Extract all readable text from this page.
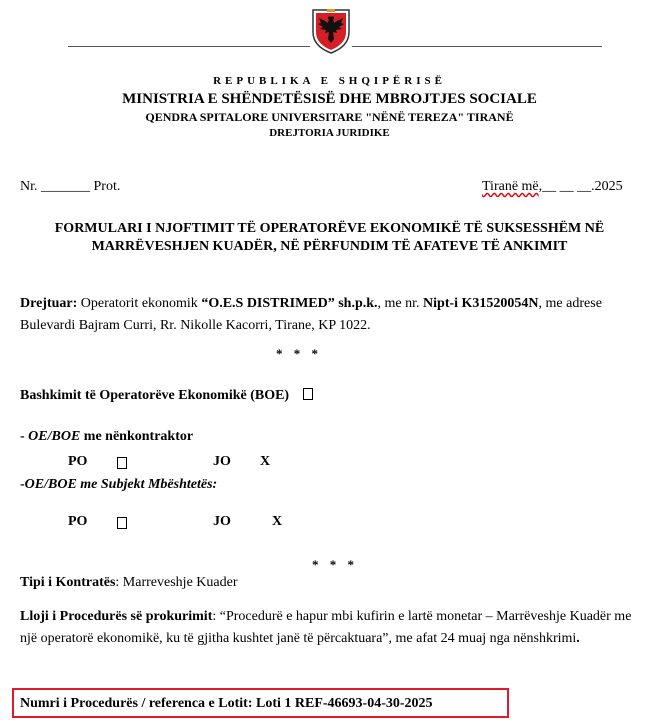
REPUBLIKA E SHQIPËRISË
MINISTRIA E SHËNDETËSISË DHE MBROJTJES SOCIALE
QENDRA SPITALORE UNIVERSITARE "NËNË TEREZA" TIRANË
DREJTORIA JURIDIKE
Nr. _______ Prot.	Tiranë më,__ __ __.2025
FORMULARI I NJOFTIMIT TË OPERATORËVE EKONOMIKË TË SUKSESSHËM NË
MARRËVESHJEN KUADËR, NË PËRFUNDIM TË AFATEVE TË ANKIMIT
Drejtuar: Operatorit ekonomik “O.E.S DISTRIMED” sh.p.k., me nr. Nipt-i K31520054N, me adrese Bulevardi Bajram Curri, Rr. Nikolle Kacorri, Tirane, KP 1022.
* * *
Bashkimit të Operatorëve Ekonomikë (BOE)
- OE/BOE me nënkontraktor
PO	JO X
-OE/BOE me Subjekt Mbështetës:
PO	JO	X
* * *
Tipi i Kontratës: Marreveshje Kuader
Lloji i Procedurës së prokurimit: “Procedurë e hapur mbi kufirin e lartë monetar – Marrëveshje Kuadër me një operatorë ekonomikë, ku të gjitha kushtet janë të përcaktuara”, me afat 24 muaj nga nënshkrimi.
Numri i Procedurës / referenca e Lotit: Loti 1 REF-46693-04-30-2025
